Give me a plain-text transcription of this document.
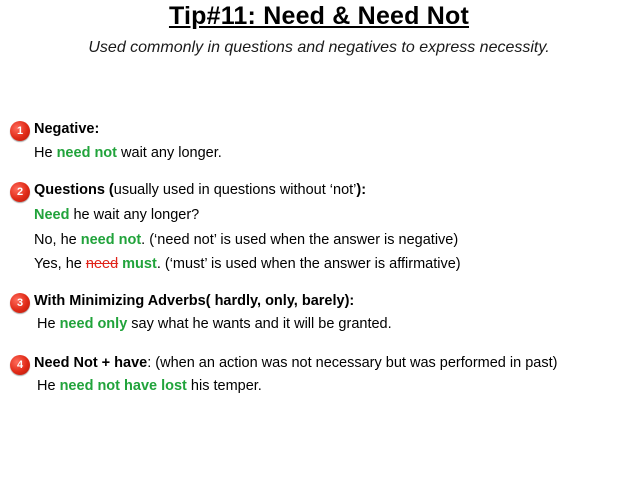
Tip#11: Need & Need Not
Used commonly in questions and negatives to express necessity.
1 Negative:
He need not wait any longer.
2 Questions (usually used in questions without ‘not’):
Need he wait any longer?
No, he need not. (‘need not’ is used when the answer is negative)
Yes, he need must. (‘must’ is used when the answer is affirmative)
3 With Minimizing Adverbs( hardly, only, barely):
He need only say what he wants and it will be granted.
4 Need Not + have: (when an action was not necessary but was performed in past)
He need not have lost his temper.
